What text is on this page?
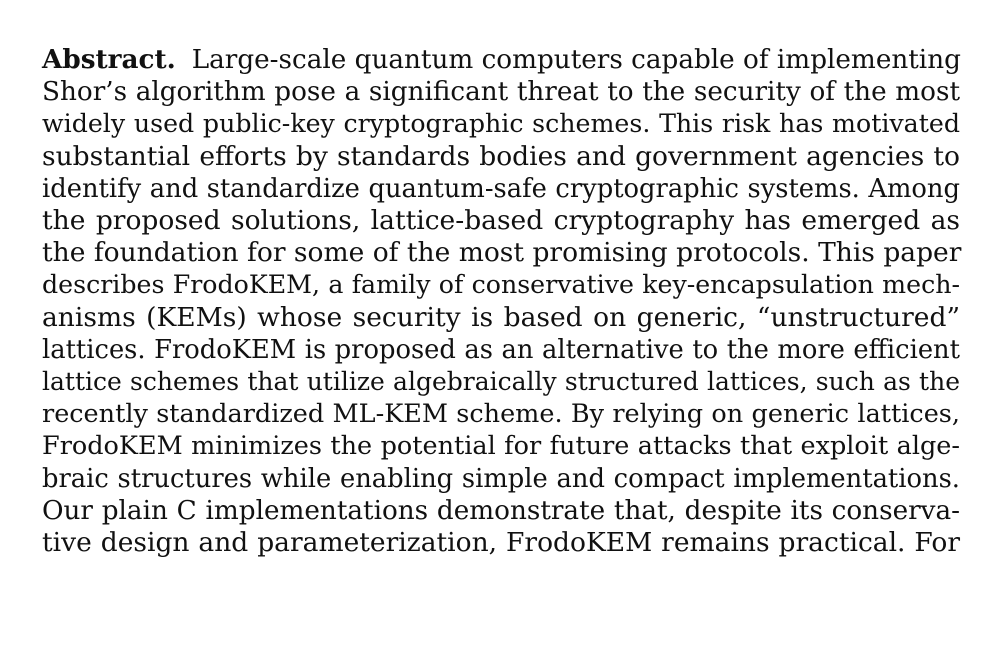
Abstract. Large-scale quantum computers capable of implementing
Shor’s algorithm pose a significant threat to the security of the most
widely used public-key cryptographic schemes. This risk has motivated
substantial efforts by standards bodies and government agencies to
identify and standardize quantum-safe cryptographic systems. Among
the proposed solutions, lattice-based cryptography has emerged as
the foundation for some of the most promising protocols. This paper
describes FrodoKEM, a family of conservative key-encapsulation mech-
anisms (KEMs) whose security is based on generic, “unstructured”
lattices. FrodoKEM is proposed as an alternative to the more efficient
lattice schemes that utilize algebraically structured lattices, such as the
recently standardized ML-KEM scheme. By relying on generic lattices,
FrodoKEM minimizes the potential for future attacks that exploit alge-
braic structures while enabling simple and compact implementations.
Our plain C implementations demonstrate that, despite its conserva-
tive design and parameterization, FrodoKEM remains practical. For
